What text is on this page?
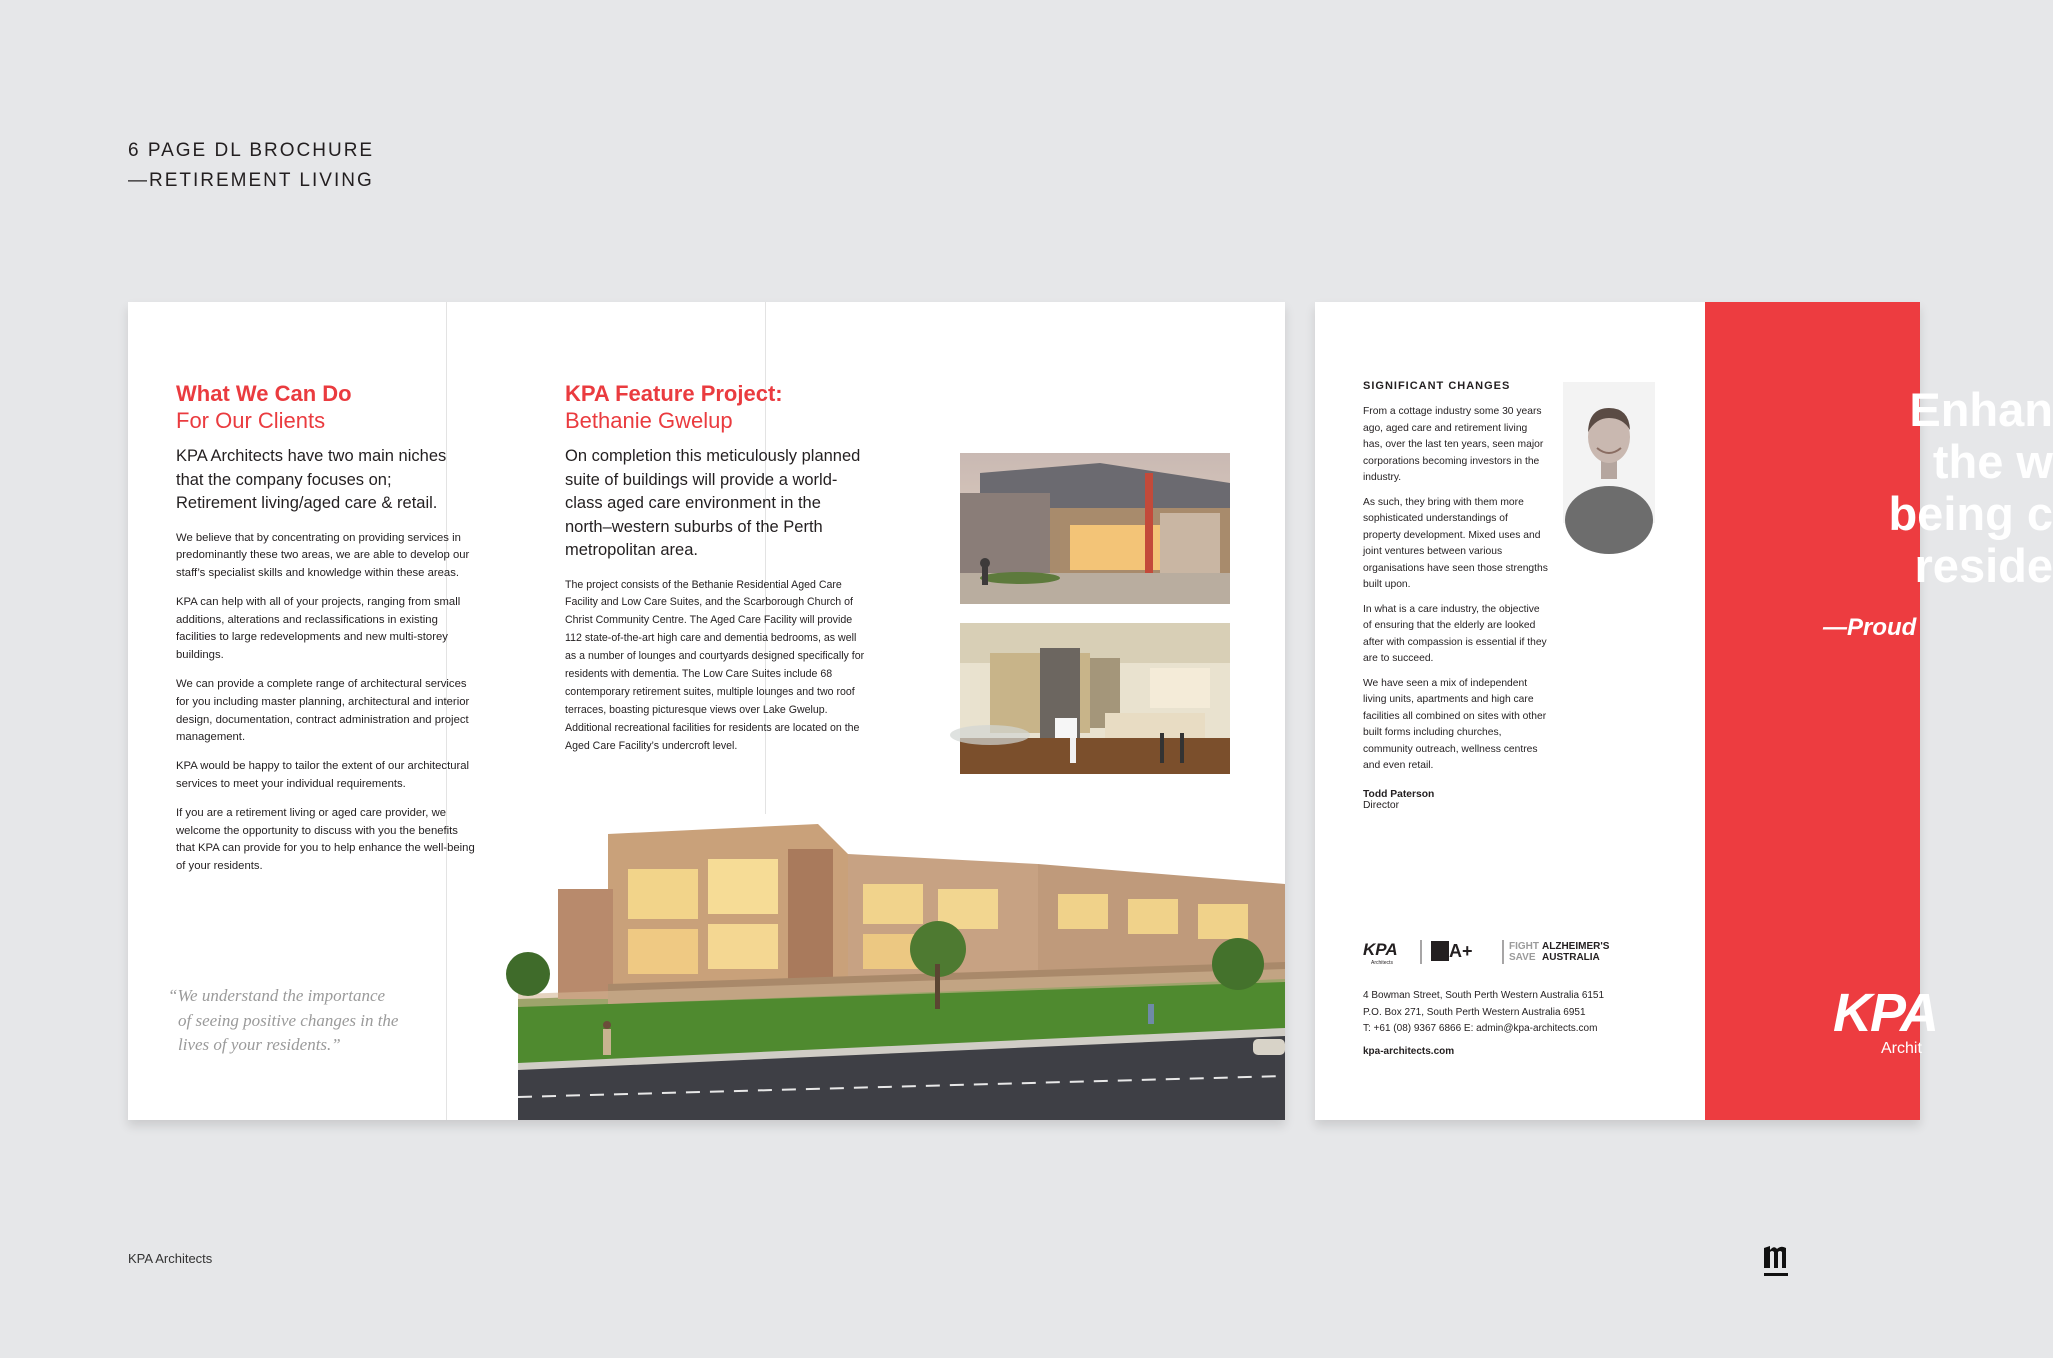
6 PAGE DL BROCHURE
—RETIREMENT LIVING
What We Can Do
For Our Clients
KPA Architects have two main niches that the company focuses on; Retirement living/aged care & retail.

We believe that by concentrating on providing services in predominantly these two areas, we are able to develop our staff’s specialist skills and knowledge within these areas.

KPA can help with all of your projects, ranging from small additions, alterations and reclassifications in existing facilities to large redevelopments and new multi-storey buildings.

We can provide a complete range of architectural services for you including master planning, architectural and interior design, documentation, contract administration and project management.

KPA would be happy to tailor the extent of our architectural services to meet your individual requirements.

If you are a retirement living or aged care provider, we welcome the opportunity to discuss with you the benefits that KPA can provide for you to help enhance the well-being of your residents.

“We understand the importance
of seeing positive changes in the
lives of your residents.”
KPA Feature Project:
Bethanie Gwelup
On completion this meticulously planned suite of buildings will provide a world-class aged care environment in the north–western suburbs of the Perth metropolitan area.
The project consists of the Bethanie Residential Aged Care Facility and Low Care Suites, and the Scarborough Church of Christ Community Centre. The Aged Care Facility will provide 112 state-of-the-art high care and dementia bedrooms, as well as a number of lounges and courtyards designed specifically for residents with dementia. The Low Care Suites include 68 contemporary retirement suites, multiple lounges and two roof terraces, boasting picturesque views over Lake Gwelup. Additional recreational facilities for residents are located on the Aged Care Facility’s undercroft level.
SIGNIFICANT CHANGES

From a cottage industry some 30 years ago, aged care and retirement living has, over the last ten years, seen major corporations becoming investors in the industry.

As such, they bring with them more sophisticated understandings of property development. Mixed uses and joint ventures between various organisations have seen those strengths built upon.

In what is a care industry, the objective of ensuring that the elderly are looked after with compassion is essential if they are to succeed.

We have seen a mix of independent living units, apartments and high care facilities all combined on sites with other built forms including churches, community outreach, wellness centres and even retail.

Todd Paterson
Director
KPA
Architects
A+	FIGHT
SAVE
ALZHEIMER'S
AUSTRALIA
4 Bowman Street, South Perth Western Australia 6151
P.O. Box 271, South Perth Western Australia 6951
T: +61 (08) 9367 6866 E: admin@kpa-architects.com
kpa-architects.com
Enhan
the w
being c
reside
—Proud
KPA
Archit
KPA Architects
